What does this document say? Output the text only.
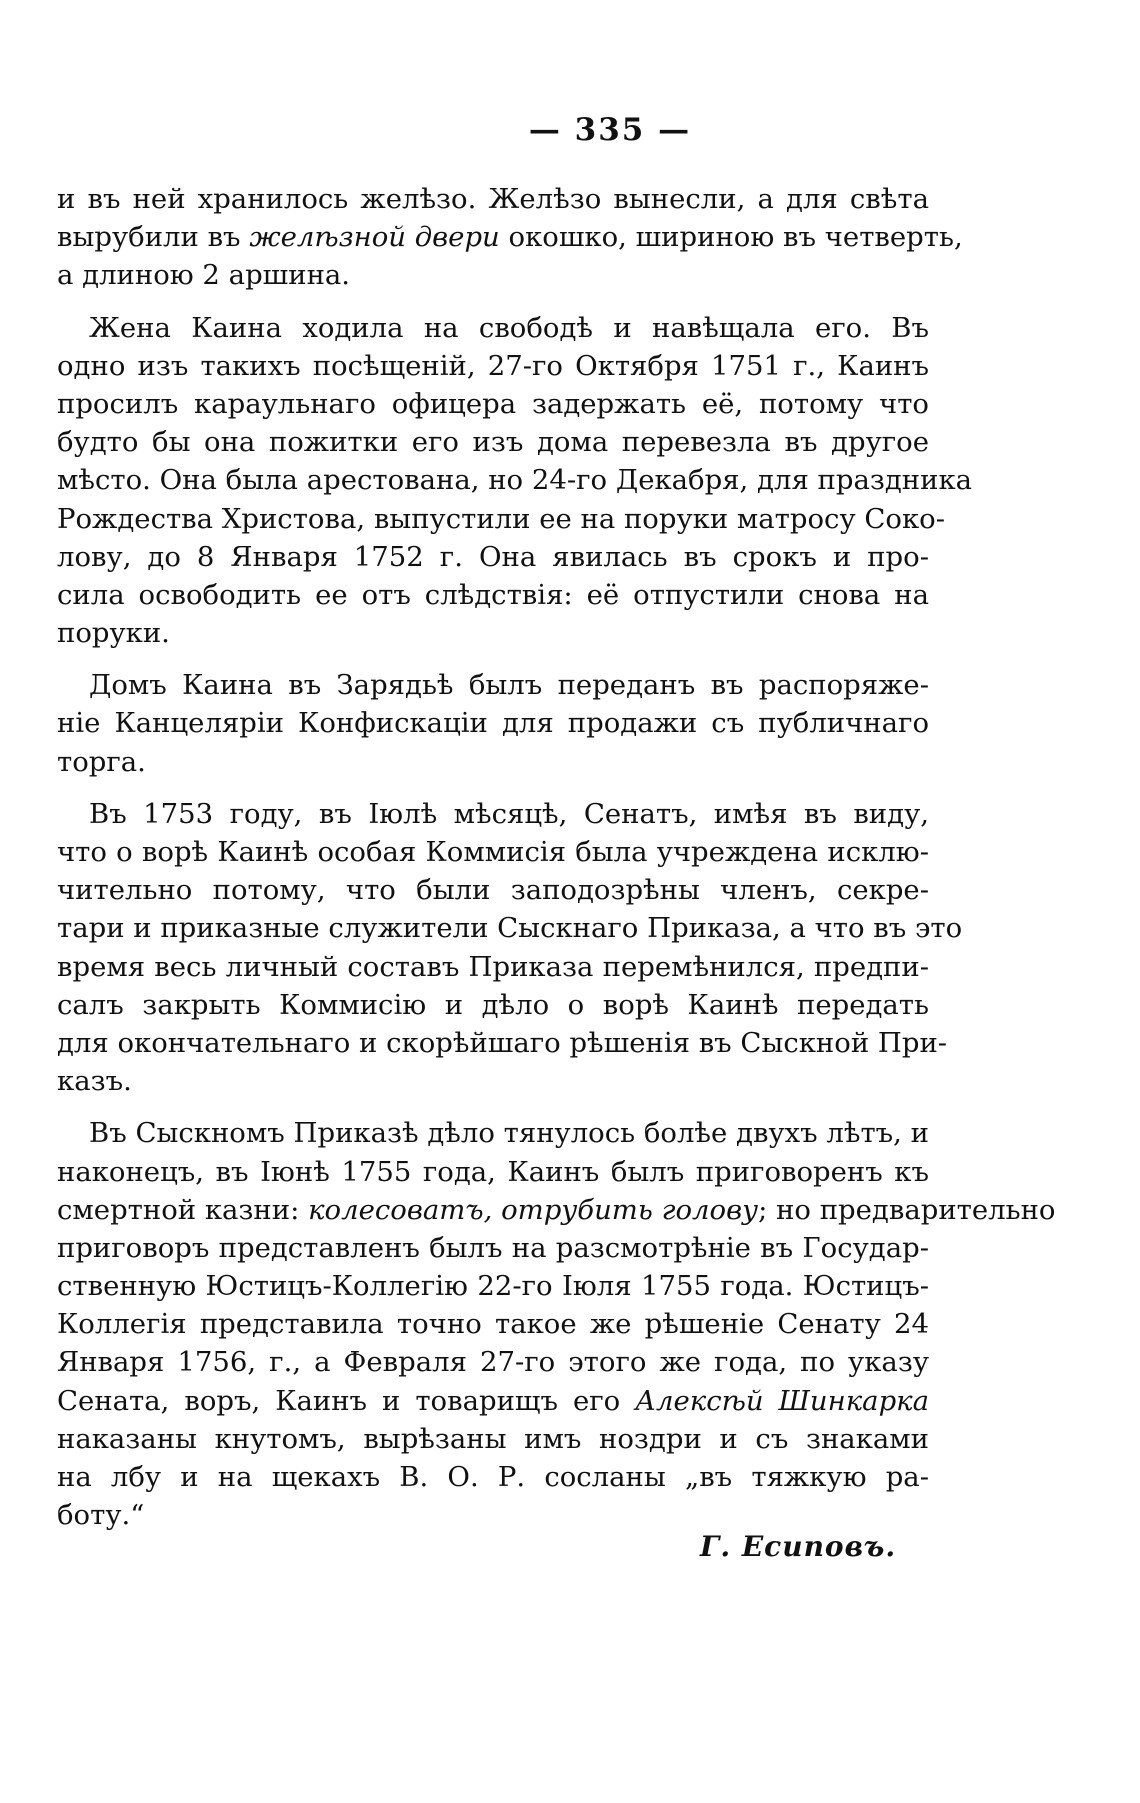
— 335 —
и въ ней хранилось желѣзо. Желѣзо вынесли, а для свѣта
вырубили въ желѣзной двери окошко, шириною въ четверть,
а длиною 2 аршина.
Жена Каина ходила на свободѣ и навѣщала его. Въ
одно изъ такихъ посѣщеній, 27-го Октября 1751 г., Каинъ
просилъ караульнаго офицера задержать её, потому что
будто бы она пожитки его изъ дома перевезла въ другое
мѣсто. Она была арестована, но 24-го Декабря, для праздника
Рождества Христова, выпустили ее на поруки матросу Соко-
лову, до 8 Января 1752 г. Она явилась въ срокъ и про-
сила освободить ее отъ слѣдствія: её отпустили снова на
поруки.
Домъ Каина въ Зарядьѣ былъ переданъ въ распоряже-
ніе Канцеляріи Конфискаціи для продажи съ публичнаго
торга.
Въ 1753 году, въ Іюлѣ мѣсяцѣ, Сенатъ, имѣя въ виду,
что о ворѣ Каинѣ особая Коммисія была учреждена исклю-
чительно потому, что были заподозрѣны членъ, секре-
тари и приказные служители Сыскнаго Приказа, а что въ это
время весь личный составъ Приказа перемѣнился, предпи-
салъ закрыть Коммисію и дѣло о ворѣ Каинѣ передать
для окончательнаго и скорѣйшаго рѣшенія въ Сыскной При-
казъ.
Въ Сыскномъ Приказѣ дѣло тянулось болѣе двухъ лѣтъ, и
наконецъ, въ Іюнѣ 1755 года, Каинъ былъ приговоренъ къ
смертной казни: колесоватъ, отрубить голову; но предварительно
приговоръ представленъ былъ на разсмотрѣніе въ Государ-
ственную Юстицъ-Коллегію 22-го Іюля 1755 года. Юстицъ-
Коллегія представила точно такое же рѣшеніе Сенату 24
Января 1756, г., а Февраля 27-го этого же года, по указу
Сената, воръ, Каинъ и товарищъ его Алексѣй Шинкарка
наказаны кнутомъ, вырѣзаны имъ ноздри и съ знаками
на лбу и на щекахъ В. О. Р. сосланы „въ тяжкую ра-
боту.“
Г. Есиповъ.
